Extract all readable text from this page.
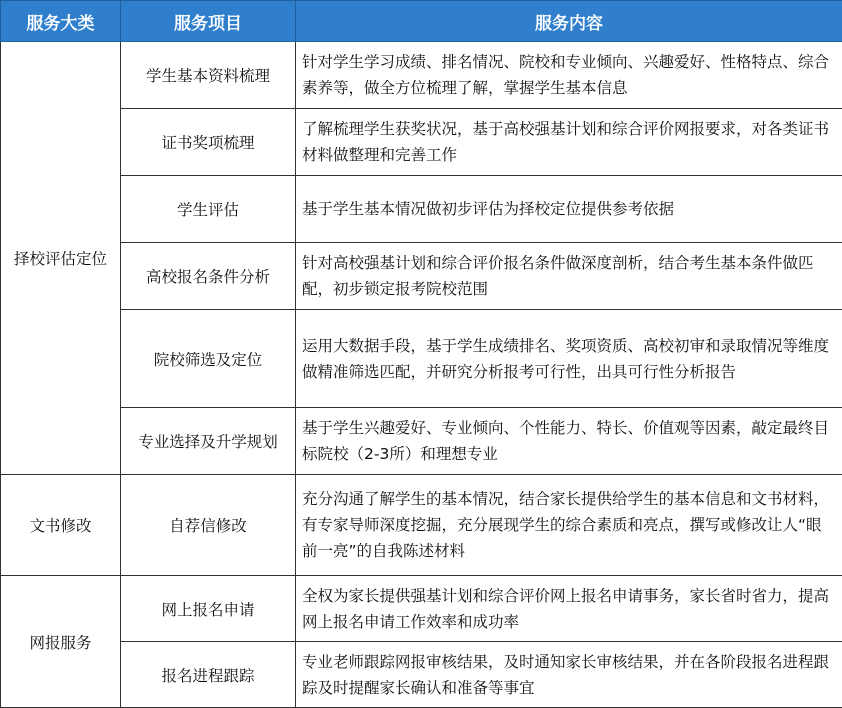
服务大类	服务项目	服务内容
择校评估定位	学生基本资料梳理	针对学生学习成绩、排名情况、院校和专业倾向、兴趣爱好、性格特点、综合素养等，做全方位梳理了解，掌握学生基本信息
	证书奖项梳理	了解梳理学生获奖状况，基于高校强基计划和综合评价网报要求，对各类证书材料做整理和完善工作
	学生评估	基于学生基本情况做初步评估为择校定位提供参考依据
	高校报名条件分析	针对高校强基计划和综合评价报名条件做深度剖析，结合考生基本条件做匹配，初步锁定报考院校范围
	院校筛选及定位	运用大数据手段，基于学生成绩排名、奖项资质、高校初审和录取情况等维度做精准筛选匹配，并研究分析报考可行性，出具可行性分析报告
	专业选择及升学规划	基于学生兴趣爱好、专业倾向、个性能力、特长、价值观等因素，敲定最终目标院校（2-3所）和理想专业
文书修改	自荐信修改	充分沟通了解学生的基本情况，结合家长提供给学生的基本信息和文书材料，有专家导师深度挖掘，充分展现学生的综合素质和亮点，撰写或修改让人“眼前一亮”的自我陈述材料
网报服务	网上报名申请	全权为家长提供强基计划和综合评价网上报名申请事务，家长省时省力，提高网上报名申请工作效率和成功率
	报名进程跟踪	专业老师跟踪网报审核结果，及时通知家长审核结果，并在各阶段报名进程跟踪及时提醒家长确认和准备等事宜
